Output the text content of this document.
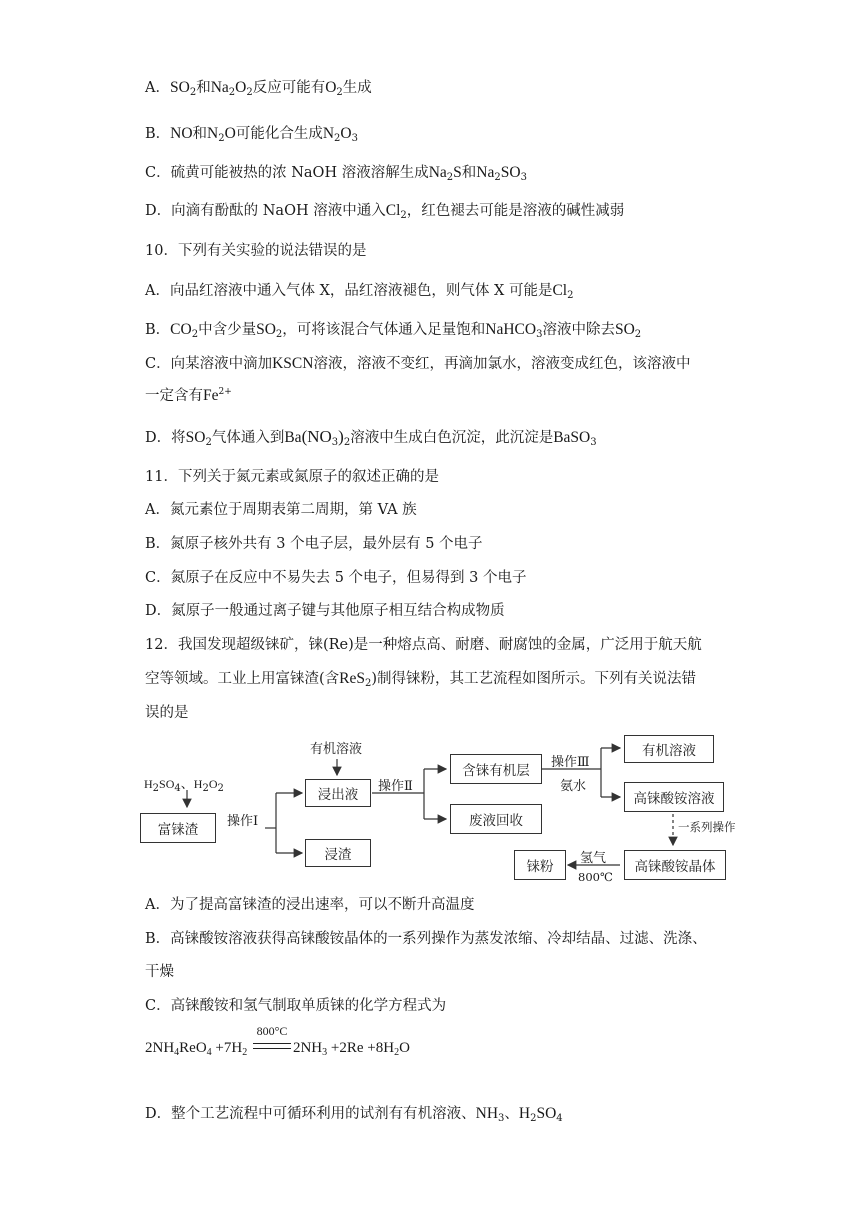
A．$SO_2$和$Na_2O_2$反应可能有$O_2$生成
B．NO和$N_2O$可能化合生成$N_2O_3$
C．硫黄可能被热的浓 NaOH 溶液溶解生成$Na_2S$和$Na_2SO_3$
D．向滴有酚酞的 NaOH 溶液中通入$Cl_2$，红色褪去可能是溶液的碱性减弱
10．下列有关实验的说法错误的是
A．向品红溶液中通入气体 X，品红溶液褪色，则气体 X 可能是$Cl_2$
B．$CO_2$中含少量$SO_2$，可将该混合气体通入足量饱和NaHCO$_3$溶液中除去$SO_2$
C．向某溶液中滴加KSCN溶液，溶液不变红，再滴加氯水，溶液变成红色，该溶液中
一定含有$Fe^{2+}$
D．将$SO_2$气体通入到$Ba(NO_3)_2$溶液中生成白色沉淀，此沉淀是BaSO$_3$
11．下列关于氮元素或氮原子的叙述正确的是
A．氮元素位于周期表第二周期，第 VA 族
B．氮原子核外共有 3 个电子层，最外层有 5 个电子
C．氮原子在反应中不易失去 5 个电子，但易得到 3 个电子
D．氮原子一般通过离子键与其他原子相互结合构成物质
12．我国发现超级铼矿，铼(Re)是一种熔点高、耐磨、耐腐蚀的金属，广泛用于航天航
空等领域。工业上用富铼渣(含ReS$_2$)制得铼粉，其工艺流程如图所示。下列有关说法错
误的是
$H_2SO_4$、$H_2O_2$
富铼渣
操作Ⅰ
有机溶液
浸出液
浸渣
操作Ⅱ
含铼有机层
废液回收
操作Ⅲ
氨水
有机溶液
高铼酸铵溶液
一系列操作
高铼酸铵晶体
氢气
800℃
铼粉
A．为了提高富铼渣的浸出速率，可以不断升高温度
B．高铼酸铵溶液获得高铼酸铵晶体的一系列操作为蒸发浓缩、冷却结晶、过滤、洗涤、
干燥
C．高铼酸铵和氢气制取单质铼的化学方程式为
$2NH_4ReO_4 +7H_2$
800°C
$2NH_3 +2Re +8H_2O$
D．整个工艺流程中可循环利用的试剂有有机溶液、$NH_3$、$H_2SO_4$
